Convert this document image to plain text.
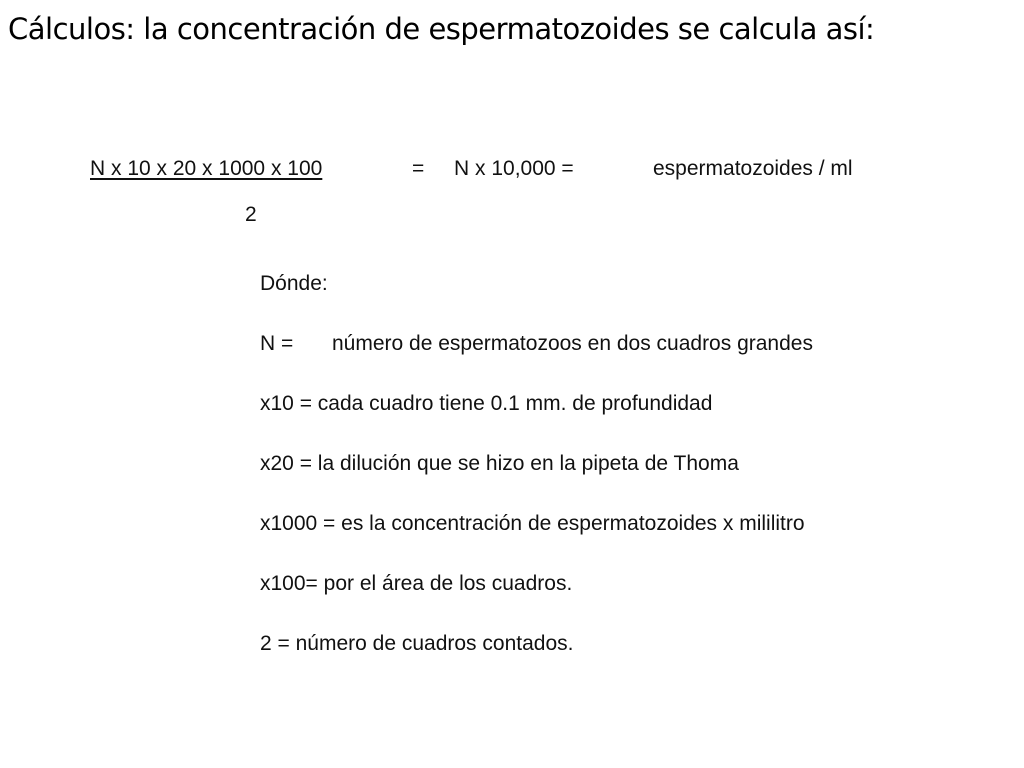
Cálculos: la concentración de espermatozoides se calcula así:
N x 10 x 20 x 1000 x 100	= N x 10,000 =	espermatozoides / ml
2
Dónde:
N =	número de espermatozoos en dos cuadros grandes
x10 = cada cuadro tiene 0.1 mm. de profundidad
x20 = la dilución que se hizo en la pipeta de Thoma
x1000 = es la concentración de espermatozoides x mililitro
x100= por el área de los cuadros.
2 = número de cuadros contados.
